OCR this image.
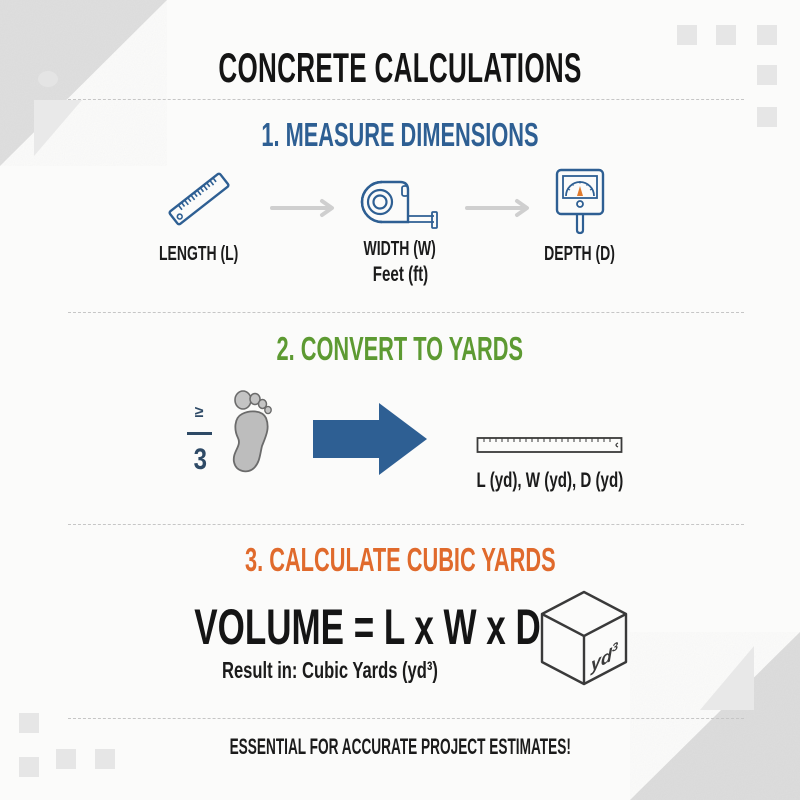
CONCRETE CALCULATIONS
1. MEASURE DIMENSIONS
LENGTH (L)	WIDTH (W)
Feet (ft)
DEPTH (D)
2. CONVERT TO YARDS
≥
3
L (yd), W (yd), D (yd)
3. CALCULATE CUBIC YARDS
VOLUME = L x W x D
Result in: Cubic Yards (yd³)	$yd^3$
ESSENTIAL FOR ACCURATE PROJECT ESTIMATES!
